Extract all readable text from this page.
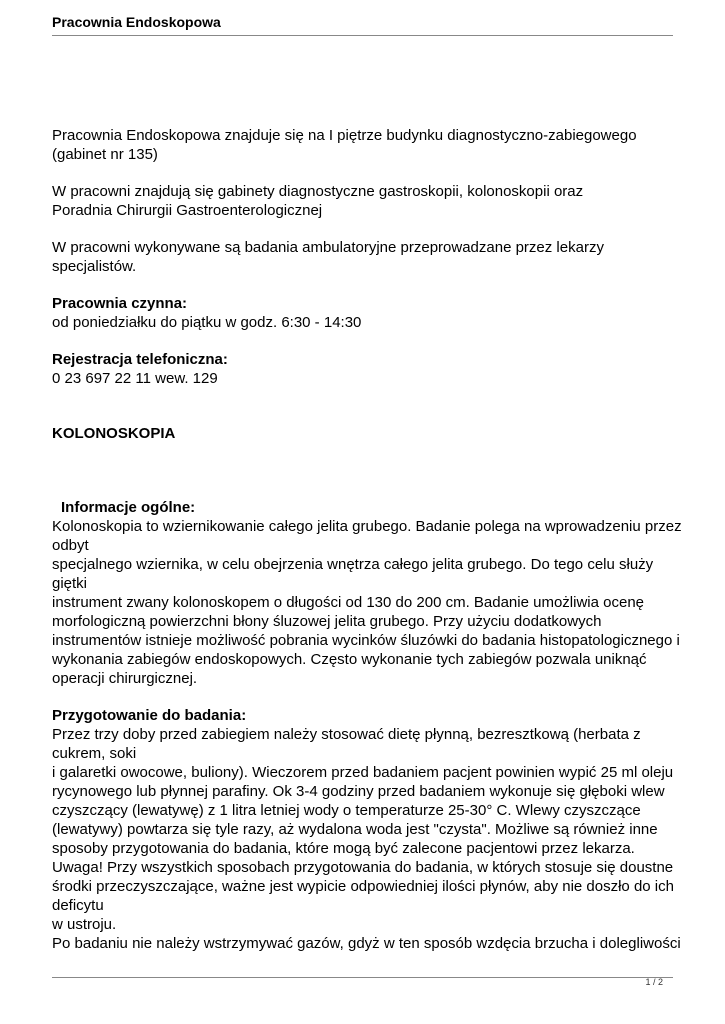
Pracownia Endoskopowa
Pracownia Endoskopowa znajduje się na I piętrze budynku diagnostyczno-zabiegowego
(gabinet nr 135)
W pracowni znajdują się gabinety diagnostyczne gastroskopii, kolonoskopii oraz
Poradnia Chirurgii Gastroenterologicznej
W pracowni wykonywane są badania ambulatoryjne przeprowadzane przez lekarzy
specjalistów.
Pracownia czynna:
od poniedziałku do piątku w godz. 6:30 - 14:30
Rejestracja telefoniczna:
0 23 697 22 11 wew. 129
KOLONOSKOPIA
Informacje ogólne:
Kolonoskopia to wziernikowanie całego jelita grubego. Badanie polega na wprowadzeniu przez
odbyt
specjalnego wziernika, w celu obejrzenia wnętrza całego jelita grubego. Do tego celu służy
giętki
instrument zwany kolonoskopem o długości od 130 do 200 cm. Badanie umożliwia ocenę
morfologiczną powierzchni błony śluzowej jelita grubego. Przy użyciu dodatkowych
instrumentów istnieje możliwość pobrania wycinków śluzówki do badania histopatologicznego i
wykonania zabiegów endoskopowych. Często wykonanie tych zabiegów pozwala uniknąć
operacji chirurgicznej.
Przygotowanie do badania:
Przez trzy doby przed zabiegiem należy stosować dietę płynną, bezresztkową (herbata z
cukrem, soki
i galaretki owocowe, buliony). Wieczorem przed badaniem pacjent powinien wypić 25 ml oleju
rycynowego lub płynnej parafiny. Ok 3-4 godziny przed badaniem wykonuje się głęboki wlew
czyszczący (lewatywę) z 1 litra letniej wody o temperaturze 25-30° C. Wlewy czyszczące
(lewatywy) powtarza się tyle razy, aż wydalona woda jest "czysta". Możliwe są również inne
sposoby przygotowania do badania, które mogą być zalecone pacjentowi przez lekarza.
Uwaga! Przy wszystkich sposobach przygotowania do badania, w których stosuje się doustne
środki przeczyszczające, ważne jest wypicie odpowiedniej ilości płynów, aby nie doszło do ich
deficytu
w ustroju.
Po badaniu nie należy wstrzymywać gazów, gdyż w ten sposób wzdęcia brzucha i dolegliwości
1 / 2
